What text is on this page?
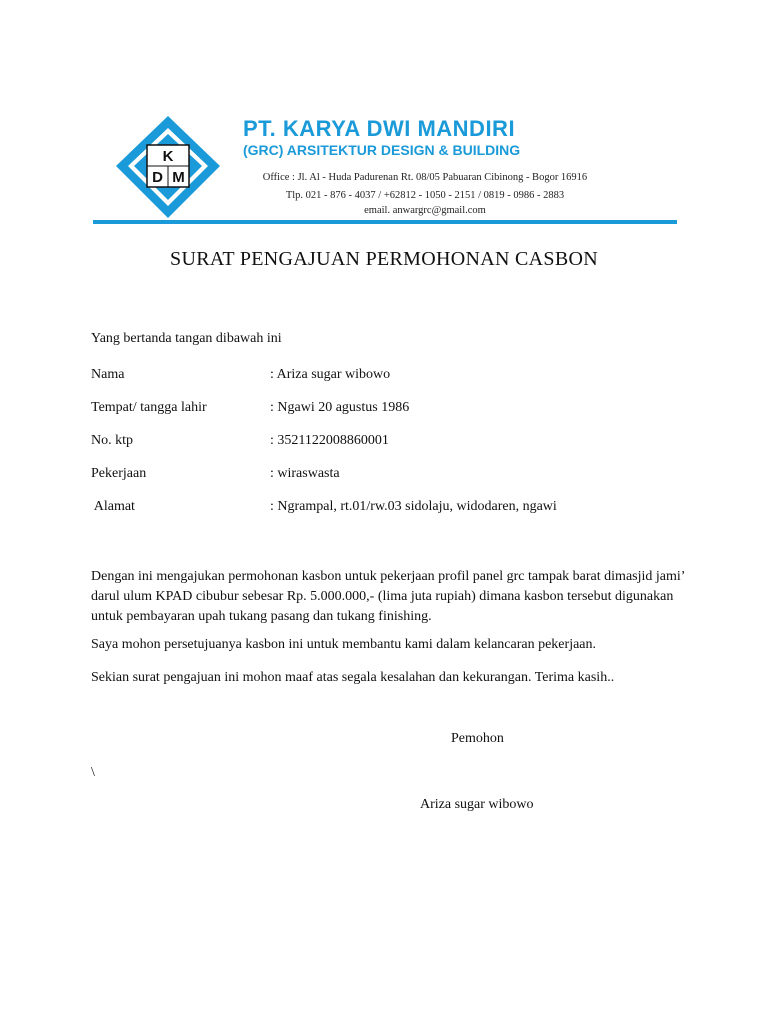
K
D M
PT. KARYA DWI MANDIRI
(GRC) ARSITEKTUR DESIGN & BUILDING
Office : Jl. Al - Huda Padurenan Rt. 08/05 Pabuaran Cibinong - Bogor 16916
Tlp. 021 - 876 - 4037 / +62812 - 1050 - 2151 / 0819 - 0986 - 2883
email. anwargrc@gmail.com
SURAT PENGAJUAN PERMOHONAN CASBON
Yang bertanda tangan dibawah ini
Nama	: Ariza sugar wibowo
Tempat/ tangga lahir	: Ngawi 20 agustus 1986
No. ktp	: 3521122008860001
Pekerjaan	: wiraswasta
Alamat	: Ngrampal, rt.01/rw.03 sidolaju, widodaren, ngawi
Dengan ini mengajukan permohonan kasbon untuk pekerjaan profil panel grc tampak barat dimasjid jami’ darul ulum KPAD cibubur sebesar Rp. 5.000.000,- (lima juta rupiah) dimana kasbon tersebut digunakan untuk pembayaran upah tukang pasang dan tukang finishing.
Saya mohon persetujuanya kasbon ini untuk membantu kami dalam kelancaran pekerjaan.
Sekian surat pengajuan ini mohon maaf atas segala kesalahan dan kekurangan. Terima kasih..
Pemohon
\
Ariza sugar wibowo
